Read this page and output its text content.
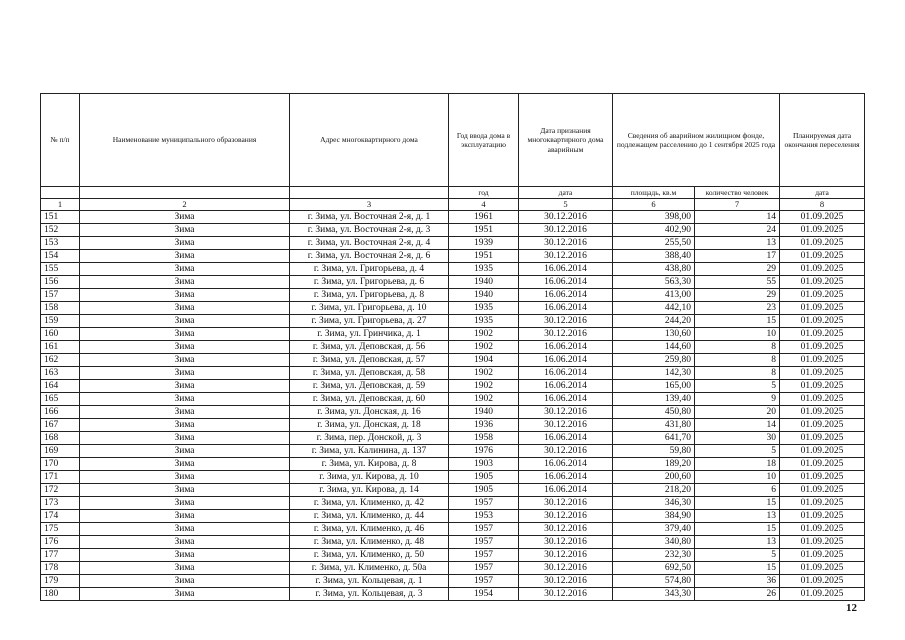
№ п/п	Наименование муниципального образования	Адрес многоквартирного дома	Год ввода дома в эксплуатацию	Дата признания многоквартирного дома аварийным	Сведения об аварийном жилищном фонде, подлежащем расселению до 1 сентября 2025 года		Планируемая дата окончания переселения
			год	дата	площадь, кв.м	количество человек	дата
1	2	3	4	5	6	7	8
151	Зима	г. Зима, ул. Восточная 2-я, д. 1	1961	30.12.2016	398,00	14	01.09.2025
152	Зима	г. Зима, ул. Восточная 2-я, д. 3	1951	30.12.2016	402,90	24	01.09.2025
153	Зима	г. Зима, ул. Восточная 2-я, д. 4	1939	30.12.2016	255,50	13	01.09.2025
154	Зима	г. Зима, ул. Восточная 2-я, д. 6	1951	30.12.2016	388,40	17	01.09.2025
155	Зима	г. Зима, ул. Григорьева, д. 4	1935	16.06.2014	438,80	29	01.09.2025
156	Зима	г. Зима, ул. Григорьева, д. 6	1940	16.06.2014	563,30	55	01.09.2025
157	Зима	г. Зима, ул. Григорьева, д. 8	1940	16.06.2014	413,00	29	01.09.2025
158	Зима	г. Зима, ул. Григорьева, д. 10	1935	16.06.2014	442,10	23	01.09.2025
159	Зима	г. Зима, ул. Григорьева, д. 27	1935	30.12.2016	244,20	15	01.09.2025
160	Зима	г. Зима, ул. Гринчика, д. 1	1902	30.12.2016	130,60	10	01.09.2025
161	Зима	г. Зима, ул. Деповская, д. 56	1902	16.06.2014	144,60	8	01.09.2025
162	Зима	г. Зима, ул. Деповская, д. 57	1904	16.06.2014	259,80	8	01.09.2025
163	Зима	г. Зима, ул. Деповская, д. 58	1902	16.06.2014	142,30	8	01.09.2025
164	Зима	г. Зима, ул. Деповская, д. 59	1902	16.06.2014	165,00	5	01.09.2025
165	Зима	г. Зима, ул. Деповская, д. 60	1902	16.06.2014	139,40	9	01.09.2025
166	Зима	г. Зима, ул. Донская, д. 16	1940	30.12.2016	450,80	20	01.09.2025
167	Зима	г. Зима, ул. Донская, д. 18	1936	30.12.2016	431,80	14	01.09.2025
168	Зима	г. Зима, пер. Донской, д. 3	1958	16.06.2014	641,70	30	01.09.2025
169	Зима	г. Зима, ул. Калинина, д. 137	1976	30.12.2016	59,80	5	01.09.2025
170	Зима	г. Зима, ул. Кирова, д. 8	1903	16.06.2014	189,20	18	01.09.2025
171	Зима	г. Зима, ул. Кирова, д. 10	1905	16.06.2014	200,60	10	01.09.2025
172	Зима	г. Зима, ул. Кирова, д. 14	1905	16.06.2014	218,20	6	01.09.2025
173	Зима	г. Зима, ул. Клименко, д. 42	1957	30.12.2016	346,30	15	01.09.2025
174	Зима	г. Зима, ул. Клименко, д. 44	1953	30.12.2016	384,90	13	01.09.2025
175	Зима	г. Зима, ул. Клименко, д. 46	1957	30.12.2016	379,40	15	01.09.2025
176	Зима	г. Зима, ул. Клименко, д. 48	1957	30.12.2016	340,80	13	01.09.2025
177	Зима	г. Зима, ул. Клименко, д. 50	1957	30.12.2016	232,30	5	01.09.2025
178	Зима	г. Зима, ул. Клименко, д. 50а	1957	30.12.2016	692,50	15	01.09.2025
179	Зима	г. Зима, ул. Кольцевая, д. 1	1957	30.12.2016	574,80	36	01.09.2025
180	Зима	г. Зима, ул. Кольцевая, д. 3	1954	30.12.2016	343,30	26	01.09.2025
12
